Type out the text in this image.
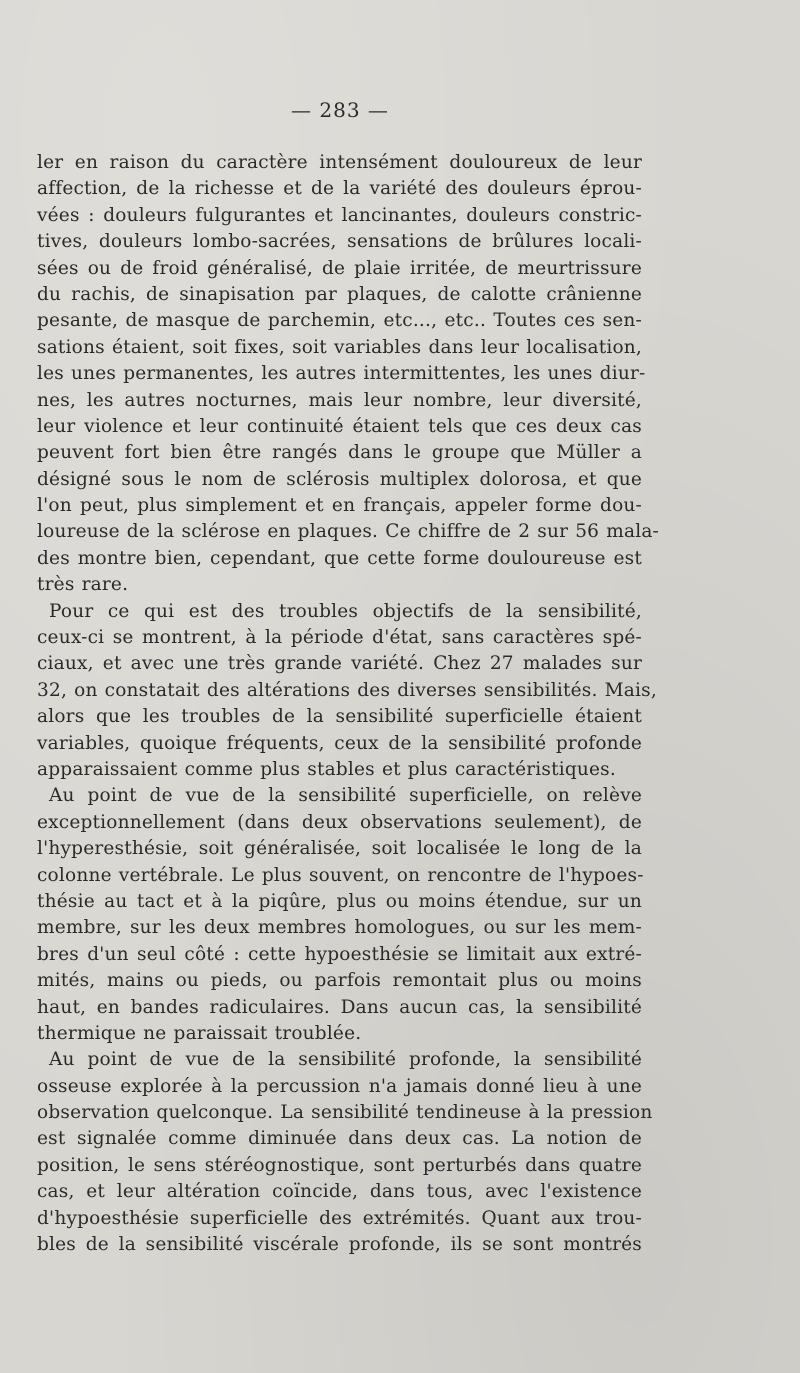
— 283 —
ler en raison du caractère intensément douloureux de leur
affection, de la richesse et de la variété des douleurs éprou-
vées : douleurs fulgurantes et lancinantes, douleurs constric-
tives, douleurs lombo-sacrées, sensations de brûlures locali-
sées ou de froid généralisé, de plaie irritée, de meurtrissure
du rachis, de sinapisation par plaques, de calotte crânienne
pesante, de masque de parchemin, etc..., etc.. Toutes ces sen-
sations étaient, soit fixes, soit variables dans leur localisation,
les unes permanentes, les autres intermittentes, les unes diur-
nes, les autres nocturnes, mais leur nombre, leur diversité,
leur violence et leur continuité étaient tels que ces deux cas
peuvent fort bien être rangés dans le groupe que Müller a
désigné sous le nom de sclérosis multiplex dolorosa, et que
l'on peut, plus simplement et en français, appeler forme dou-
loureuse de la sclérose en plaques. Ce chiffre de 2 sur 56 mala-
des montre bien, cependant, que cette forme douloureuse est
très rare.
Pour ce qui est des troubles objectifs de la sensibilité,
ceux-ci se montrent, à la période d'état, sans caractères spé-
ciaux, et avec une très grande variété. Chez 27 malades sur
32, on constatait des altérations des diverses sensibilités. Mais,
alors que les troubles de la sensibilité superficielle étaient
variables, quoique fréquents, ceux de la sensibilité profonde
apparaissaient comme plus stables et plus caractéristiques.
Au point de vue de la sensibilité superficielle, on relève
exceptionnellement (dans deux observations seulement), de
l'hyperesthésie, soit généralisée, soit localisée le long de la
colonne vertébrale. Le plus souvent, on rencontre de l'hypoes-
thésie au tact et à la piqûre, plus ou moins étendue, sur un
membre, sur les deux membres homologues, ou sur les mem-
bres d'un seul côté : cette hypoesthésie se limitait aux extré-
mités, mains ou pieds, ou parfois remontait plus ou moins
haut, en bandes radiculaires. Dans aucun cas, la sensibilité
thermique ne paraissait troublée.
Au point de vue de la sensibilité profonde, la sensibilité
osseuse explorée à la percussion n'a jamais donné lieu à une
observation quelconque. La sensibilité tendineuse à la pression
est signalée comme diminuée dans deux cas. La notion de
position, le sens stéréognostique, sont perturbés dans quatre
cas, et leur altération coïncide, dans tous, avec l'existence
d'hypoesthésie superficielle des extrémités. Quant aux trou-
bles de la sensibilité viscérale profonde, ils se sont montrés
